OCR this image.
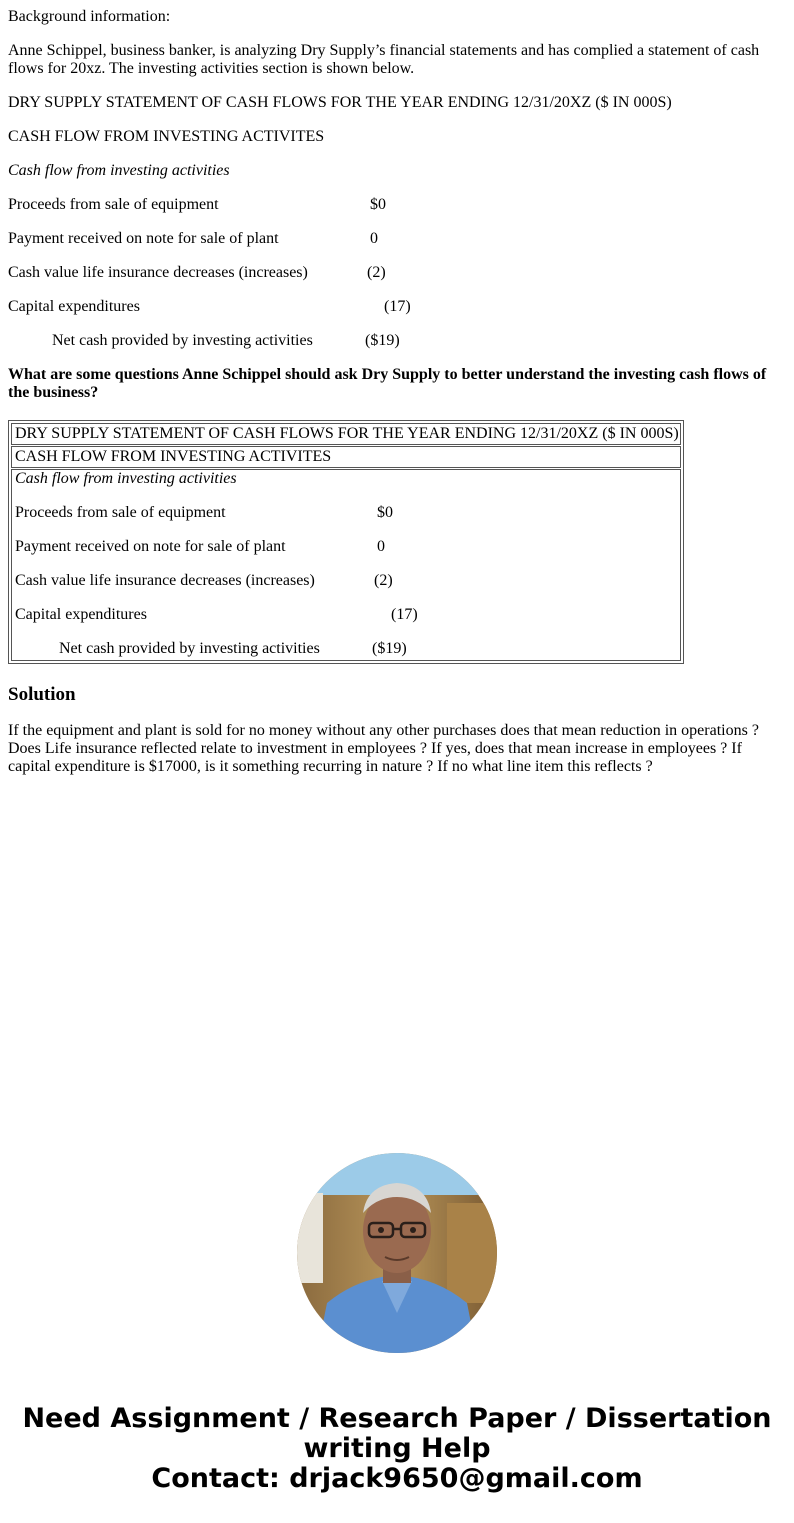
Background information:

Anne Schippel, business banker, is analyzing Dry Supply’s financial statements and has complied a statement of cash flows for 20xz. The investing activities section is shown below.

DRY SUPPLY STATEMENT OF CASH FLOWS FOR THE YEAR ENDING 12/31/20XZ ($ IN 000S)

CASH FLOW FROM INVESTING ACTIVITES

Cash flow from investing activities

Proceeds from sale of equipment	$0
Payment received on note for sale of plant	0
Cash value life insurance decreases (increases)	(2)
Capital expenditures	(17)
Net cash provided by investing activities	($19)

What are some questions Anne Schippel should ask Dry Supply to better understand the investing cash flows of the business?

DRY SUPPLY STATEMENT OF CASH FLOWS FOR THE YEAR ENDING 12/31/20XZ ($ IN 000S)
CASH FLOW FROM INVESTING ACTIVITES

Cash flow from investing activities

Proceeds from sale of equipment	$0
Payment received on note for sale of plant	0
Cash value life insurance decreases (increases)	(2)
Capital expenditures	(17)
Net cash provided by investing activities	($19)
Solution

If the equipment and plant is sold for no money without any other purchases does that mean reduction in operations ? Does Life insurance reflected relate to investment in employees ? If yes, does that mean increase in employees ? If capital expenditure is $17000, is it something recurring in nature ? If no what line item this reflects ?

Need Assignment / Research Paper / Dissertation
writing Help
Contact: drjack9650@gmail.com
